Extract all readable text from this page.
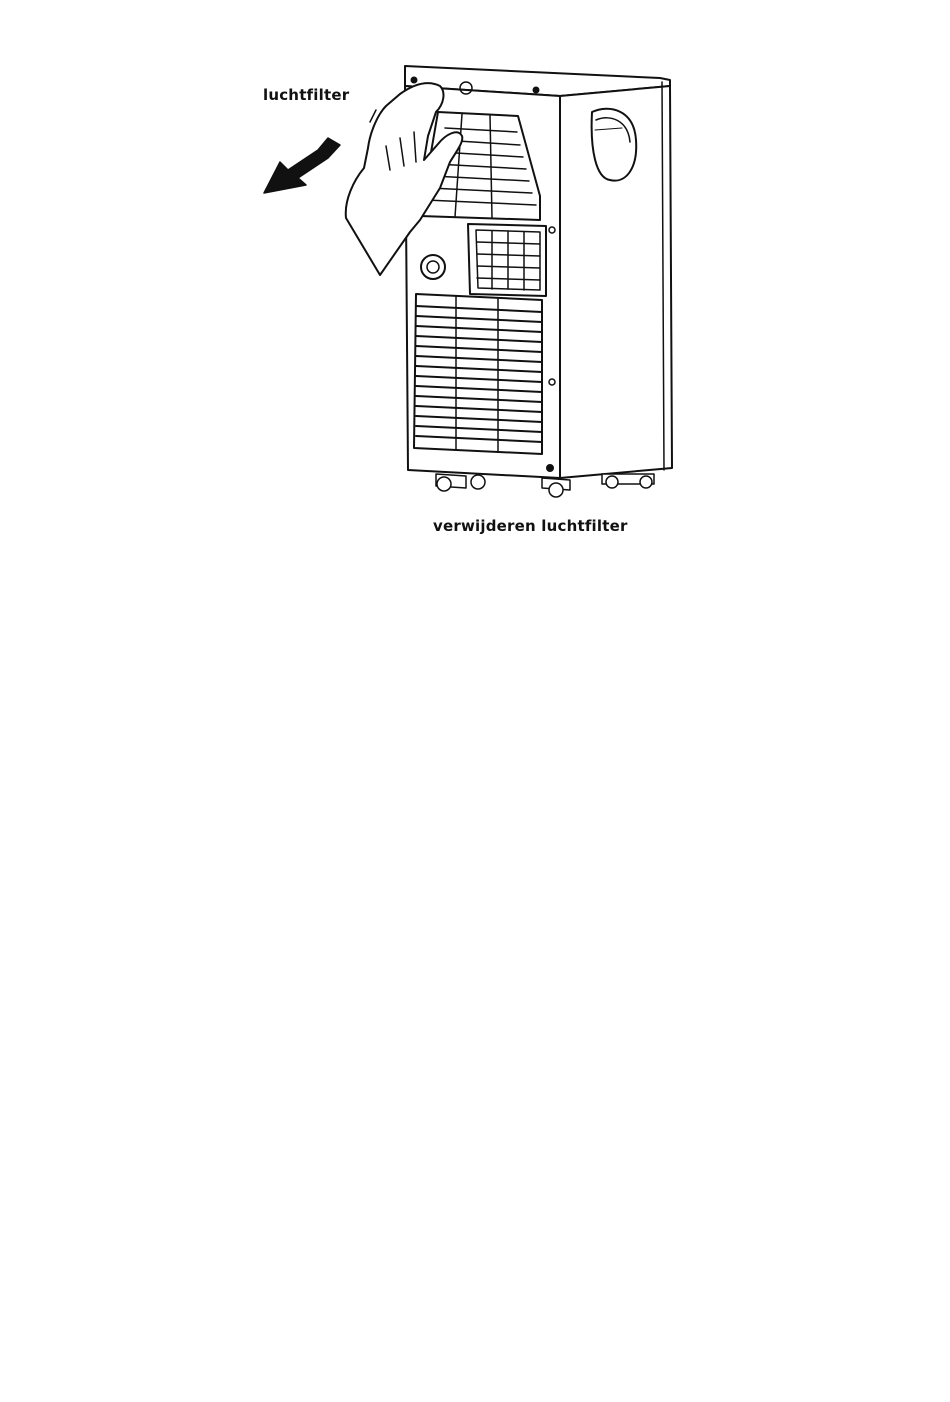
luchtfilter
verwijderen luchtfilter
